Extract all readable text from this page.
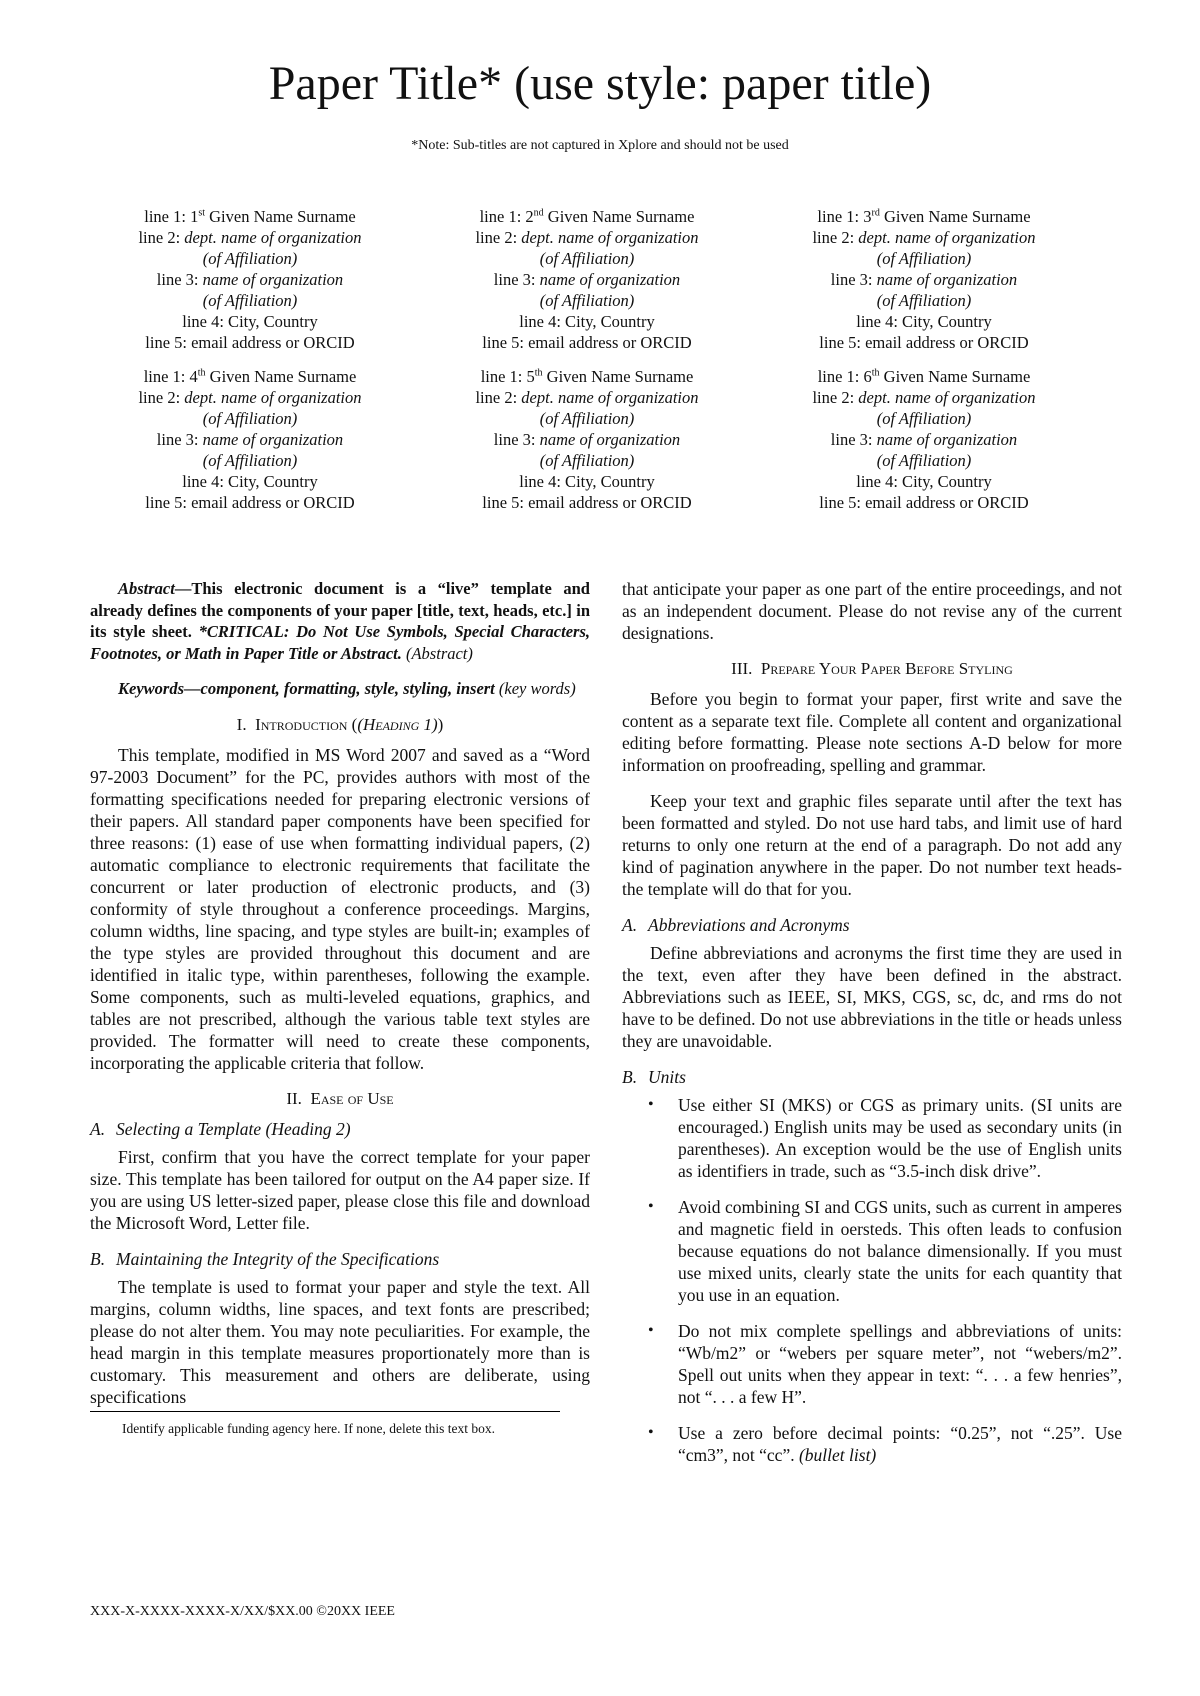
Paper Title* (use style: paper title)
*Note: Sub-titles are not captured in Xplore and should not be used
line 1: 1st Given Name Surname
line 2: dept. name of organization
(of Affiliation)
line 3: name of organization
(of Affiliation)
line 4: City, Country
line 5: email address or ORCID
line 1: 2nd Given Name Surname
line 2: dept. name of organization
(of Affiliation)
line 3: name of organization
(of Affiliation)
line 4: City, Country
line 5: email address or ORCID
line 1: 3rd Given Name Surname
line 2: dept. name of organization
(of Affiliation)
line 3: name of organization
(of Affiliation)
line 4: City, Country
line 5: email address or ORCID
line 1: 4th Given Name Surname
line 2: dept. name of organization
(of Affiliation)
line 3: name of organization
(of Affiliation)
line 4: City, Country
line 5: email address or ORCID
line 1: 5th Given Name Surname
line 2: dept. name of organization
(of Affiliation)
line 3: name of organization
(of Affiliation)
line 4: City, Country
line 5: email address or ORCID
line 1: 6th Given Name Surname
line 2: dept. name of organization
(of Affiliation)
line 3: name of organization
(of Affiliation)
line 4: City, Country
line 5: email address or ORCID
Abstract—This electronic document is a “live” template and already defines the components of your paper [title, text, heads, etc.] in its style sheet. *CRITICAL: Do Not Use Symbols, Special Characters, Footnotes, or Math in Paper Title or Abstract. (Abstract)
Keywords—component, formatting, style, styling, insert (key words)
I. Introduction ((Heading 1))

This template, modified in MS Word 2007 and saved as a “Word 97-2003 Document” for the PC, provides authors with most of the formatting specifications needed for preparing electronic versions of their papers. All standard paper components have been specified for three reasons: (1) ease of use when formatting individual papers, (2) automatic compliance to electronic requirements that facilitate the concurrent or later production of electronic products, and (3) conformity of style throughout a conference proceedings. Margins, column widths, line spacing, and type styles are built-in; examples of the type styles are provided throughout this document and are identified in italic type, within parentheses, following the example. Some components, such as multi-leveled equations, graphics, and tables are not prescribed, although the various table text styles are provided. The formatter will need to create these components, incorporating the applicable criteria that follow.

II. Ease of Use
A. Selecting a Template (Heading 2)

First, confirm that you have the correct template for your paper size. This template has been tailored for output on the A4 paper size. If you are using US letter-sized paper, please close this file and download the Microsoft Word, Letter file.

B. Maintaining the Integrity of the Specifications

The template is used to format your paper and style the text. All margins, column widths, line spaces, and text fonts are prescribed; please do not alter them. You may note peculiarities. For example, the head margin in this template measures proportionately more than is customary. This measurement and others are deliberate, using specifications

that anticipate your paper as one part of the entire proceedings, and not as an independent document. Please do not revise any of the current designations.

III. Prepare Your Paper Before Styling

Before you begin to format your paper, first write and save the content as a separate text file. Complete all content and organizational editing before formatting. Please note sections A-D below for more information on proofreading, spelling and grammar.

Keep your text and graphic files separate until after the text has been formatted and styled. Do not use hard tabs, and limit use of hard returns to only one return at the end of a paragraph. Do not add any kind of pagination anywhere in the paper. Do not number text heads-the template will do that for you.

A. Abbreviations and Acronyms

Define abbreviations and acronyms the first time they are used in the text, even after they have been defined in the abstract. Abbreviations such as IEEE, SI, MKS, CGS, sc, dc, and rms do not have to be defined. Do not use abbreviations in the title or heads unless they are unavoidable.

B. Units
• Use either SI (MKS) or CGS as primary units. (SI units are encouraged.) English units may be used as secondary units (in parentheses). An exception would be the use of English units as identifiers in trade, such as “3.5-inch disk drive”.
• Avoid combining SI and CGS units, such as current in amperes and magnetic field in oersteds. This often leads to confusion because equations do not balance dimensionally. If you must use mixed units, clearly state the units for each quantity that you use in an equation.
• Do not mix complete spellings and abbreviations of units: “Wb/m2” or “webers per square meter”, not “webers/m2”. Spell out units when they appear in text: “. . . a few henries”, not “. . . a few H”.
• Use a zero before decimal points: “0.25”, not “.25”. Use “cm3”, not “cc”. (bullet list)
Identify applicable funding agency here. If none, delete this text box.
XXX-X-XXXX-XXXX-X/XX/$XX.00 ©20XX IEEE
